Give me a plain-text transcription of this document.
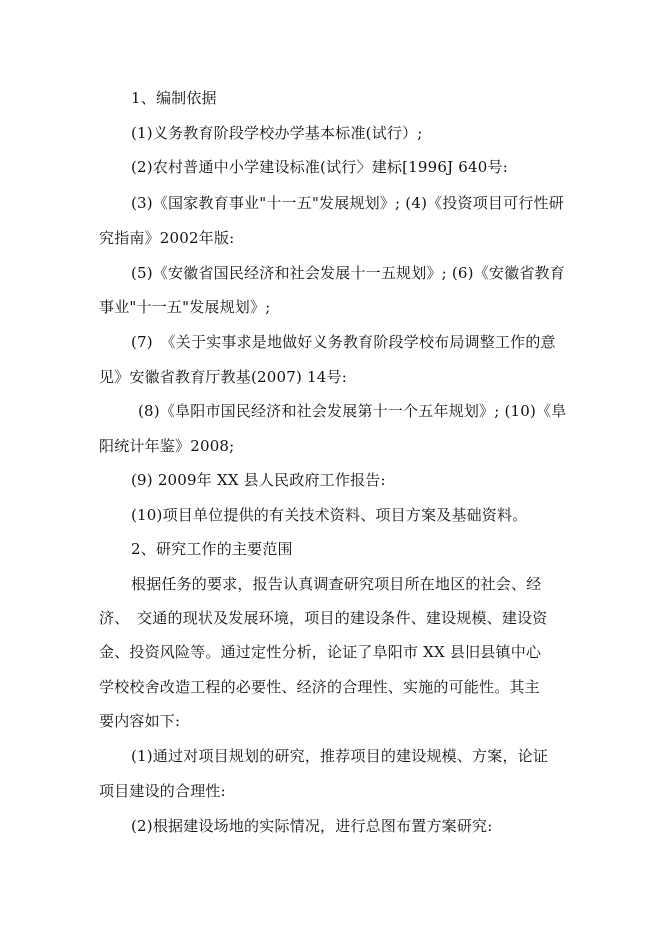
1、编制依据
(1)义务教育阶段学校办学基本标准(试行）;
(2)农村普通中小学建设标准(试行〉建标[1996J 640号:
(3)《国家教育事业"十一五"发展规划》; (4)《投资项目可行性研
究指南》2002年版:
(5)《安徽省国民经济和社会发展十一五规划》; (6)《安徽省教育
事业"十一五"发展规划》;
(7)　《关于实事求是地做好义务教育阶段学校布局调整工作的意
见》安徽省教育厅教基(2007) 14号:
(8)《阜阳市国民经济和社会发展第十一个五年规划》; (10)《阜
阳统计年鉴》2008;
(9) 2009年 XX 县人民政府工作报告:
(10)项目单位提供的有关技术资料、项目方案及基础资料。
2、研究工作的主要范围
根据任务的要求，报告认真调查研究项目所在地区的社会、经
济、　交通的现状及发展环境，项目的建设条件、建设规模、建设资
金、投资风险等。通过定性分析，论证了阜阳市 XX 县旧县镇中心
学校校舍改造工程的必要性、经济的合理性、实施的可能性。其主
要内容如下:
(1)通过对项目规划的研究，推荐项目的建设规模、方案，论证
项目建设的合理性:
(2)根据建设场地的实际情况，进行总图布置方案研究:
